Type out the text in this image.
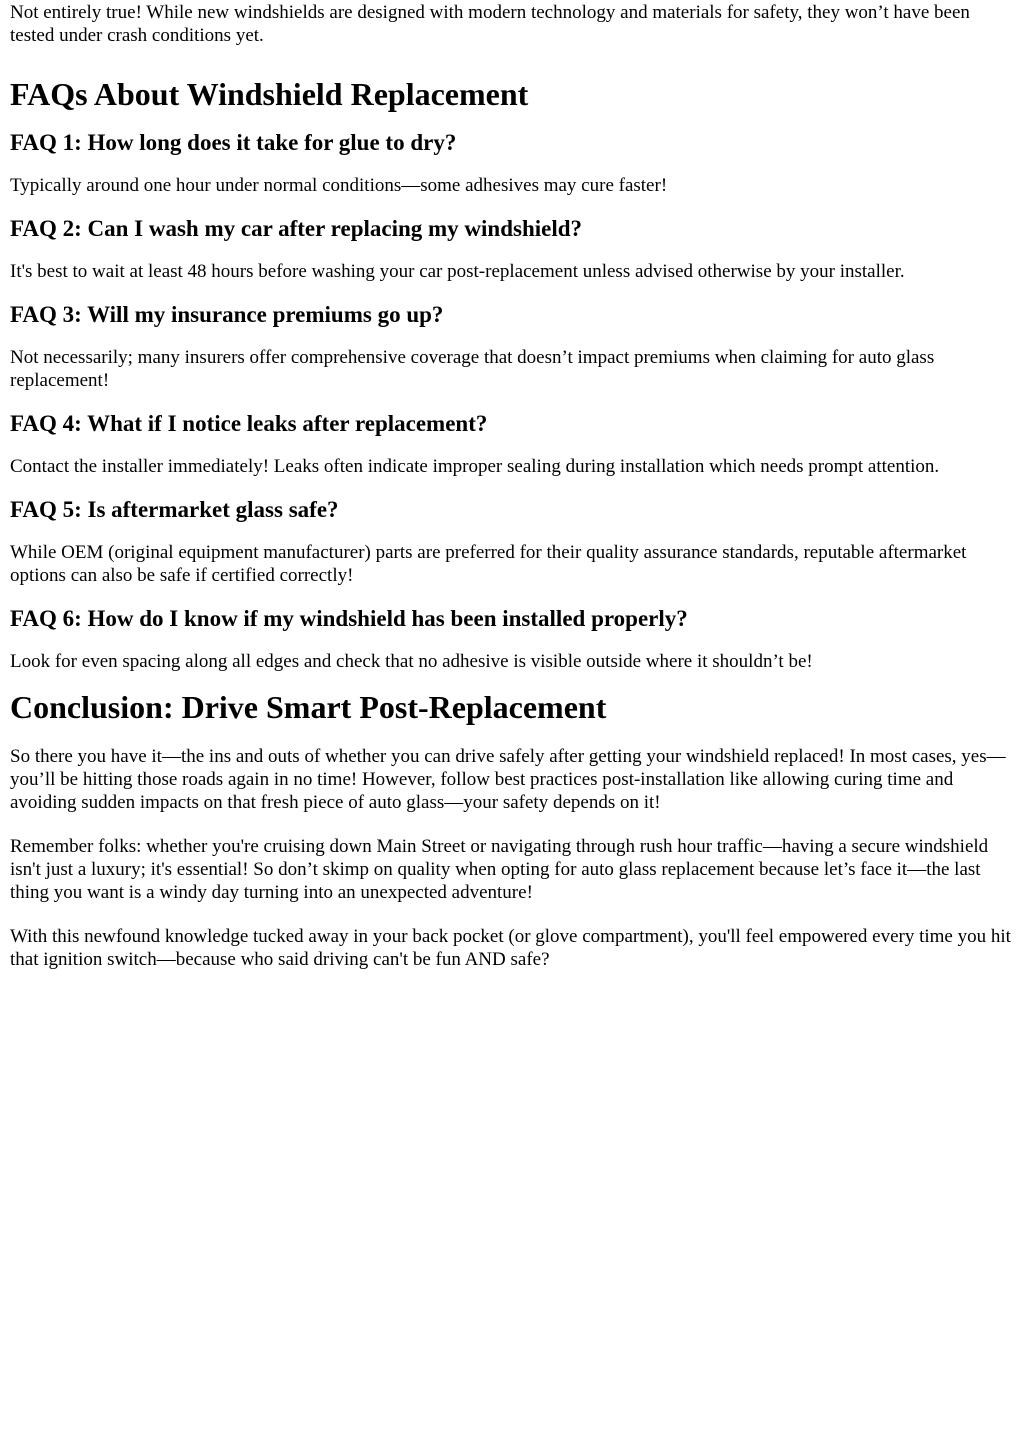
Not entirely true! While new windshields are designed with modern technology and materials for safety, they won’t have been tested under crash conditions yet.

FAQs About Windshield Replacement
FAQ 1: How long does it take for glue to dry?

Typically around one hour under normal conditions—some adhesives may cure faster!

FAQ 2: Can I wash my car after replacing my windshield?

It's best to wait at least 48 hours before washing your car post-replacement unless advised otherwise by your installer.

FAQ 3: Will my insurance premiums go up?

Not necessarily; many insurers offer comprehensive coverage that doesn’t impact premiums when claiming for auto glass replacement!

FAQ 4: What if I notice leaks after replacement?

Contact the installer immediately! Leaks often indicate improper sealing during installation which needs prompt attention.

FAQ 5: Is aftermarket glass safe?

While OEM (original equipment manufacturer) parts are preferred for their quality assurance standards, reputable aftermarket options can also be safe if certified correctly!

FAQ 6: How do I know if my windshield has been installed properly?

Look for even spacing along all edges and check that no adhesive is visible outside where it shouldn’t be!

Conclusion: Drive Smart Post-Replacement

So there you have it—the ins and outs of whether you can drive safely after getting your windshield replaced! In most cases, yes—you’ll be hitting those roads again in no time! However, follow best practices post-installation like allowing curing time and avoiding sudden impacts on that fresh piece of auto glass—your safety depends on it!

Remember folks: whether you're cruising down Main Street or navigating through rush hour traffic—having a secure windshield isn't just a luxury; it's essential! So don’t skimp on quality when opting for auto glass replacement because let’s face it—the last thing you want is a windy day turning into an unexpected adventure!

With this newfound knowledge tucked away in your back pocket (or glove compartment), you'll feel empowered every time you hit that ignition switch—because who said driving can't be fun AND safe?
